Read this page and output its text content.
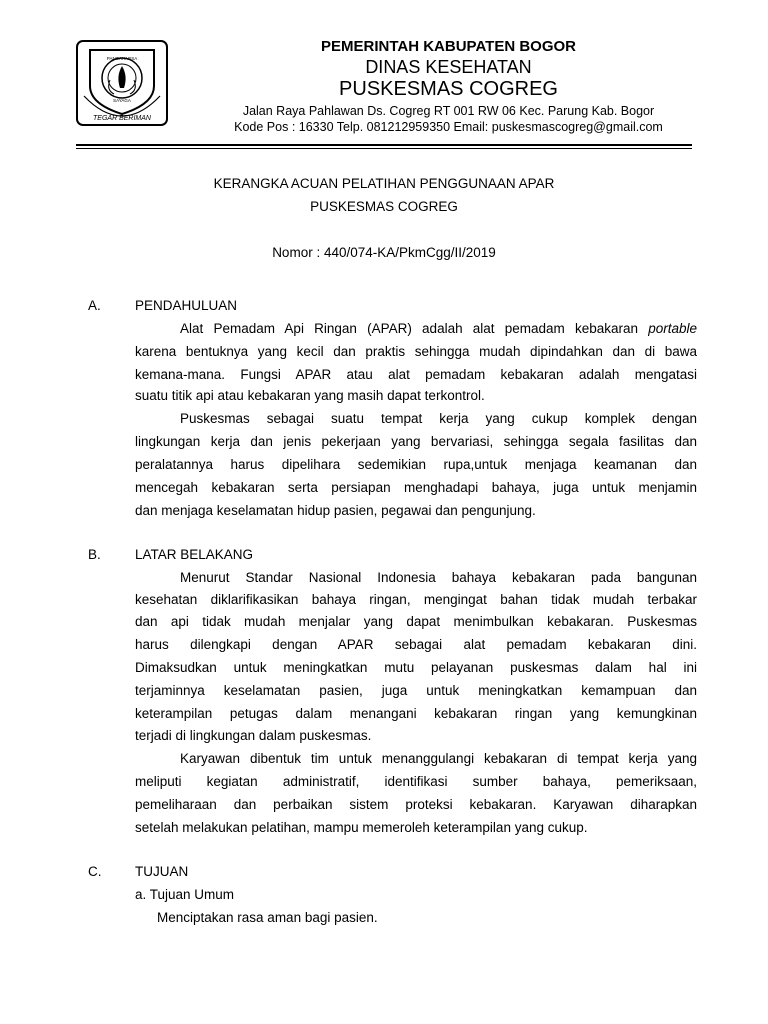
PANCAKARSA
SAYAGA
TEGAR BERIMAN
PEMERINTAH KABUPATEN BOGOR
DINAS KESEHATAN
PUSKESMAS COGREG
Jalan Raya Pahlawan Ds. Cogreg RT 001 RW 06 Kec. Parung Kab. Bogor
Kode Pos : 16330 Telp. 081212959350 Email: puskesmascogreg@gmail.com
KERANGKA ACUAN PELATIHAN PENGGUNAAN APAR
PUSKESMAS COGREG
Nomor : 440/074-KA/PkmCgg/II/2019
A.	PENDAHULUAN
Alat Pemadam Api Ringan (APAR) adalah alat pemadam kebakaran portable
karena bentuknya yang kecil dan praktis sehingga mudah dipindahkan dan di bawa
kemana-mana. Fungsi APAR atau alat pemadam kebakaran adalah mengatasi
suatu titik api atau kebakaran yang masih dapat terkontrol.
Puskesmas sebagai suatu tempat kerja yang cukup komplek dengan
lingkungan kerja dan jenis pekerjaan yang bervariasi, sehingga segala fasilitas dan
peralatannya harus dipelihara sedemikian rupa,untuk menjaga keamanan dan
mencegah kebakaran serta persiapan menghadapi bahaya, juga untuk menjamin
dan menjaga keselamatan hidup pasien, pegawai dan pengunjung.
B.	LATAR BELAKANG
Menurut Standar Nasional Indonesia bahaya kebakaran pada bangunan
kesehatan diklarifikasikan bahaya ringan, mengingat bahan tidak mudah terbakar
dan api tidak mudah menjalar yang dapat menimbulkan kebakaran. Puskesmas
harus dilengkapi dengan APAR sebagai alat pemadam kebakaran dini.
Dimaksudkan untuk meningkatkan mutu pelayanan puskesmas dalam hal ini
terjaminnya keselamatan pasien, juga untuk meningkatkan kemampuan dan
keterampilan petugas dalam menangani kebakaran ringan yang kemungkinan
terjadi di lingkungan dalam puskesmas.
Karyawan dibentuk tim untuk menanggulangi kebakaran di tempat kerja yang
meliputi kegiatan administratif, identifikasi sumber bahaya, pemeriksaan,
pemeliharaan dan perbaikan sistem proteksi kebakaran. Karyawan diharapkan
setelah melakukan pelatihan, mampu memeroleh keterampilan yang cukup.
C. TUJUAN
a. Tujuan Umum
Menciptakan rasa aman bagi pasien.
